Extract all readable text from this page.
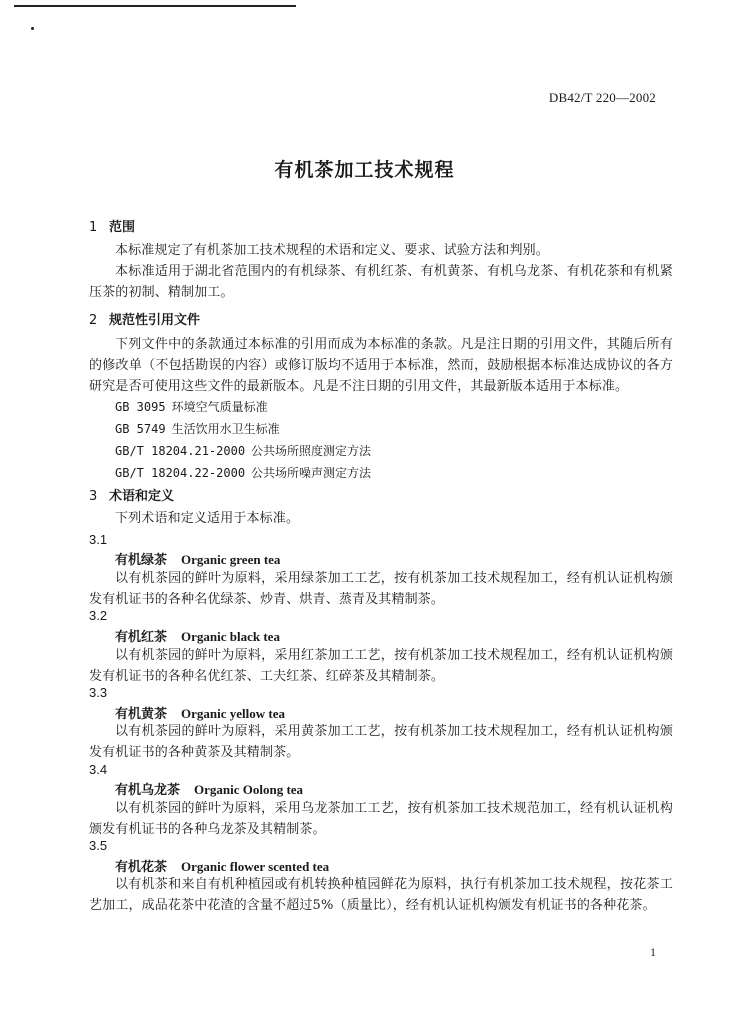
DB42/T 220—2002
有机茶加工技术规程
1 范围
本标准规定了有机茶加工技术规程的术语和定义、要求、试验方法和判别。
本标准适用于湖北省范围内的有机绿茶、有机红茶、有机黄茶、有机乌龙茶、有机花茶和有机紧压茶的初制、精制加工。
2 规范性引用文件
下列文件中的条款通过本标准的引用而成为本标准的条款。凡是注日期的引用文件，其随后所有的修改单（不包括勘误的内容）或修订版均不适用于本标准，然而，鼓励根据本标准达成协议的各方研究是否可使用这些文件的最新版本。凡是不注日期的引用文件，其最新版本适用于本标准。
GB 3095 环境空气质量标准
GB 5749 生活饮用水卫生标准
GB/T 18204.21-2000 公共场所照度测定方法
GB/T 18204.22-2000 公共场所噪声测定方法
3 术语和定义
下列术语和定义适用于本标准。
3.1
有机绿茶 Organic green tea
以有机茶园的鲜叶为原料，采用绿茶加工工艺，按有机茶加工技术规程加工，经有机认证机构颁发有机证书的各种名优绿茶、炒青、烘青、蒸青及其精制茶。
3.2
有机红茶 Organic black tea
以有机茶园的鲜叶为原料，采用红茶加工工艺，按有机茶加工技术规程加工，经有机认证机构颁发有机证书的各种名优红茶、工夫红茶、红碎茶及其精制茶。
3.3
有机黄茶 Organic yellow tea
以有机茶园的鲜叶为原料，采用黄茶加工工艺，按有机茶加工技术规程加工，经有机认证机构颁发有机证书的各种黄茶及其精制茶。
3.4
有机乌龙茶 Organic Oolong tea
以有机茶园的鲜叶为原料，采用乌龙茶加工工艺，按有机茶加工技术规范加工，经有机认证机构颁发有机证书的各种乌龙茶及其精制茶。
3.5
有机花茶 Organic flower scented tea
以有机茶和来自有机种植园或有机转换种植园鲜花为原料，执行有机茶加工技术规程，按花茶工艺加工，成品花茶中花渣的含量不超过5%（质量比），经有机认证机构颁发有机证书的各种花茶。
1
